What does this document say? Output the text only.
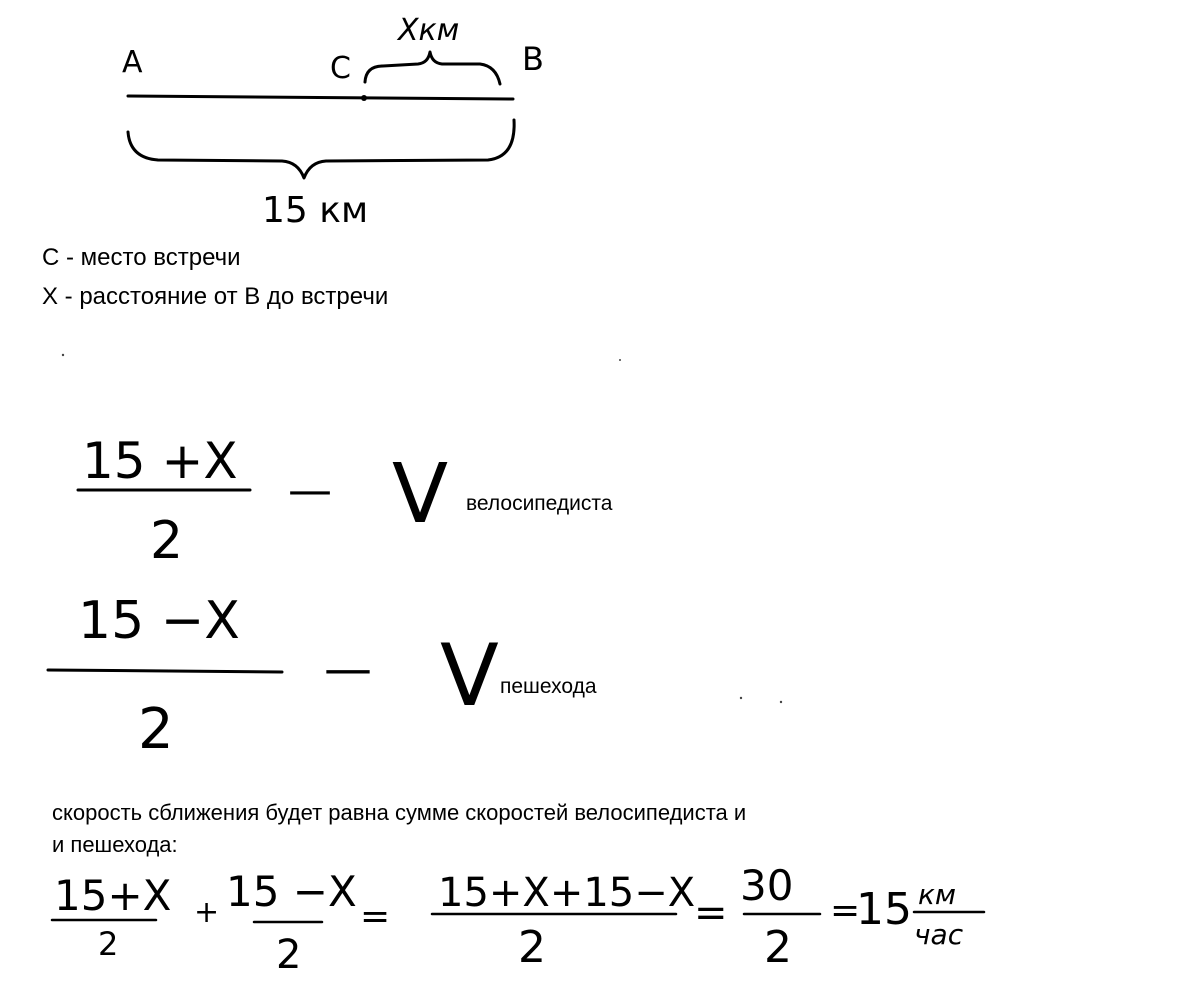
A	C	B
Xкм
15 км
С - место встречи
Х - расстояние от В до встречи
15 +X
2
— V велосипедиста
15 −X
2
— V пешехода
скорость сближения будет равна сумме скоростей велосипедиста и
и пешехода:
15+X
2
+ 15 −X
2
=
15+X+15−X
2
=
30
2
=
15 км
час
